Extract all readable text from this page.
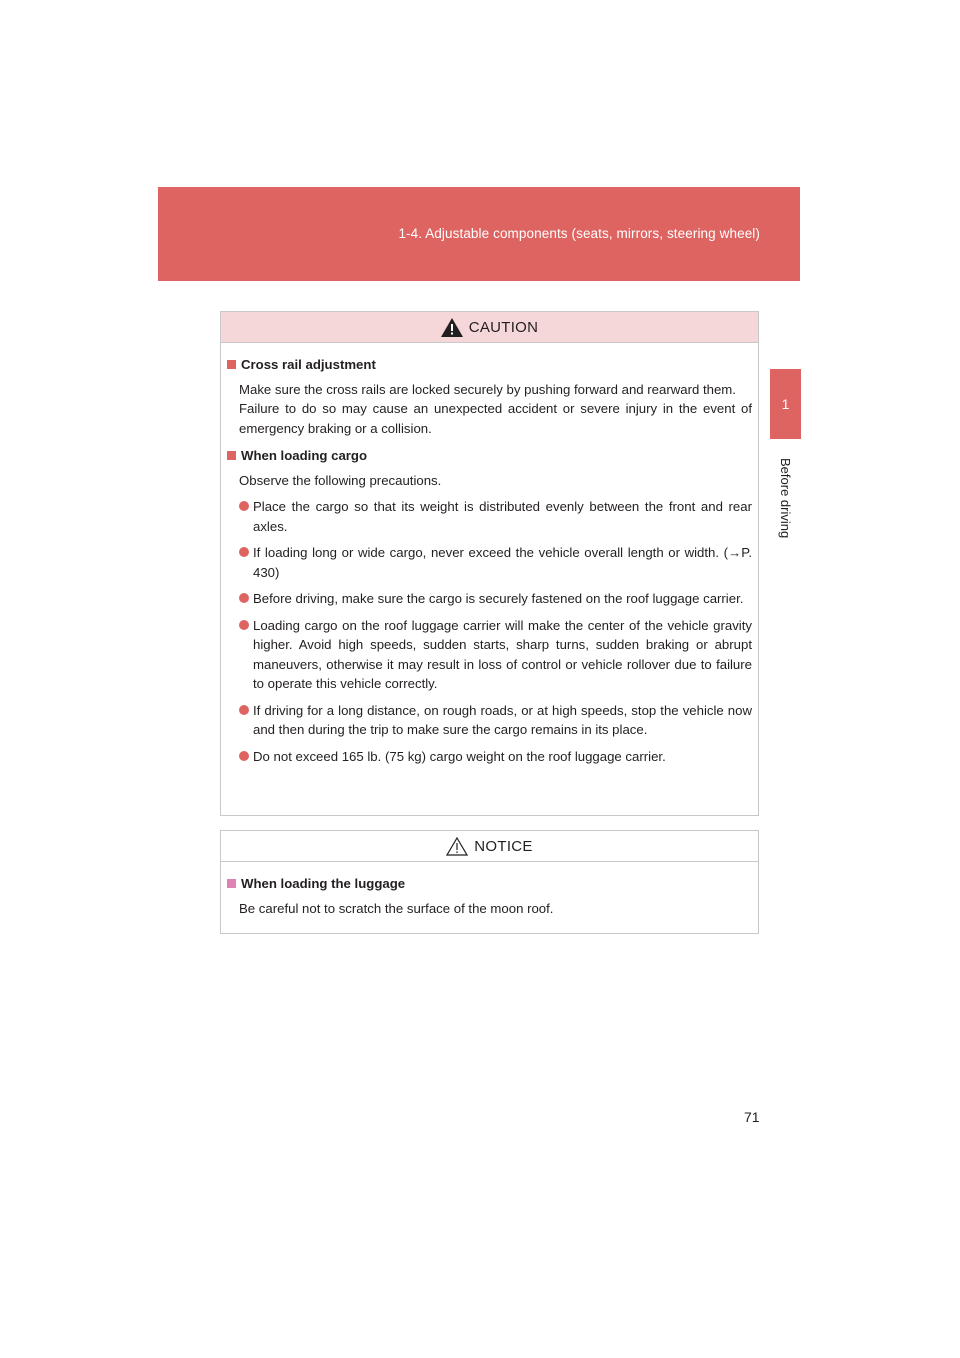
1-4. Adjustable components (seats, mirrors, steering wheel)
1
Before driving
CAUTION
Cross rail adjustment

Make sure the cross rails are locked securely by pushing forward and rearward them.

Failure to do so may cause an unexpected accident or severe injury in the event of emergency braking or a collision.

When loading cargo
Observe the following precautions.
Place the cargo so that its weight is distributed evenly between the front and rear axles.
If loading long or wide cargo, never exceed the vehicle overall length or width. (→P. 430)
Before driving, make sure the cargo is securely fastened on the roof luggage carrier.
Loading cargo on the roof luggage carrier will make the center of the vehicle gravity higher. Avoid high speeds, sudden starts, sharp turns, sudden braking or abrupt maneuvers, otherwise it may result in loss of control or vehicle rollover due to failure to operate this vehicle correctly.
If driving for a long distance, on rough roads, or at high speeds, stop the vehicle now and then during the trip to make sure the cargo remains in its place.
Do not exceed 165 lb. (75 kg) cargo weight on the roof luggage carrier.
NOTICE
When loading the luggage
Be careful not to scratch the surface of the moon roof.
71
